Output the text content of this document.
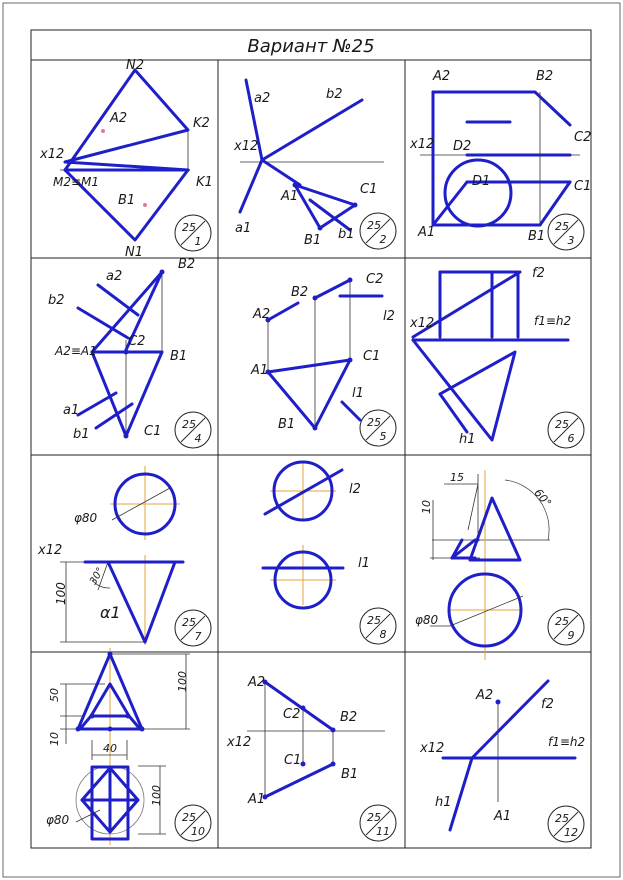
Вариант №25
N2
A2	K2
x12
M2≡M1
B1
K1
N1
a2	b2
x12
A1	C1
B1 b1
a1
A2	B2
x12 D2
C2
D1	C1
A1	B1
a2
B2
b2
C2
A2≡A1	B1
a1
b1	C1
B2
C2
A2	l2
A1
C1
l1
B1
f2
x12	f1≡h2
h1
φ80
x12
30°
100
α1
l2
l1
15
60°
10
φ80
50
100
10
40
φ80
100
A2
C2	B2
x12
C1
B1
A1
A2
f2
x12	f1≡h2
h1
A1
25
1
25
2
25
3
25
4
25
5
25
6
25
7
25
8
25
9
25
10
25
11
25
12
